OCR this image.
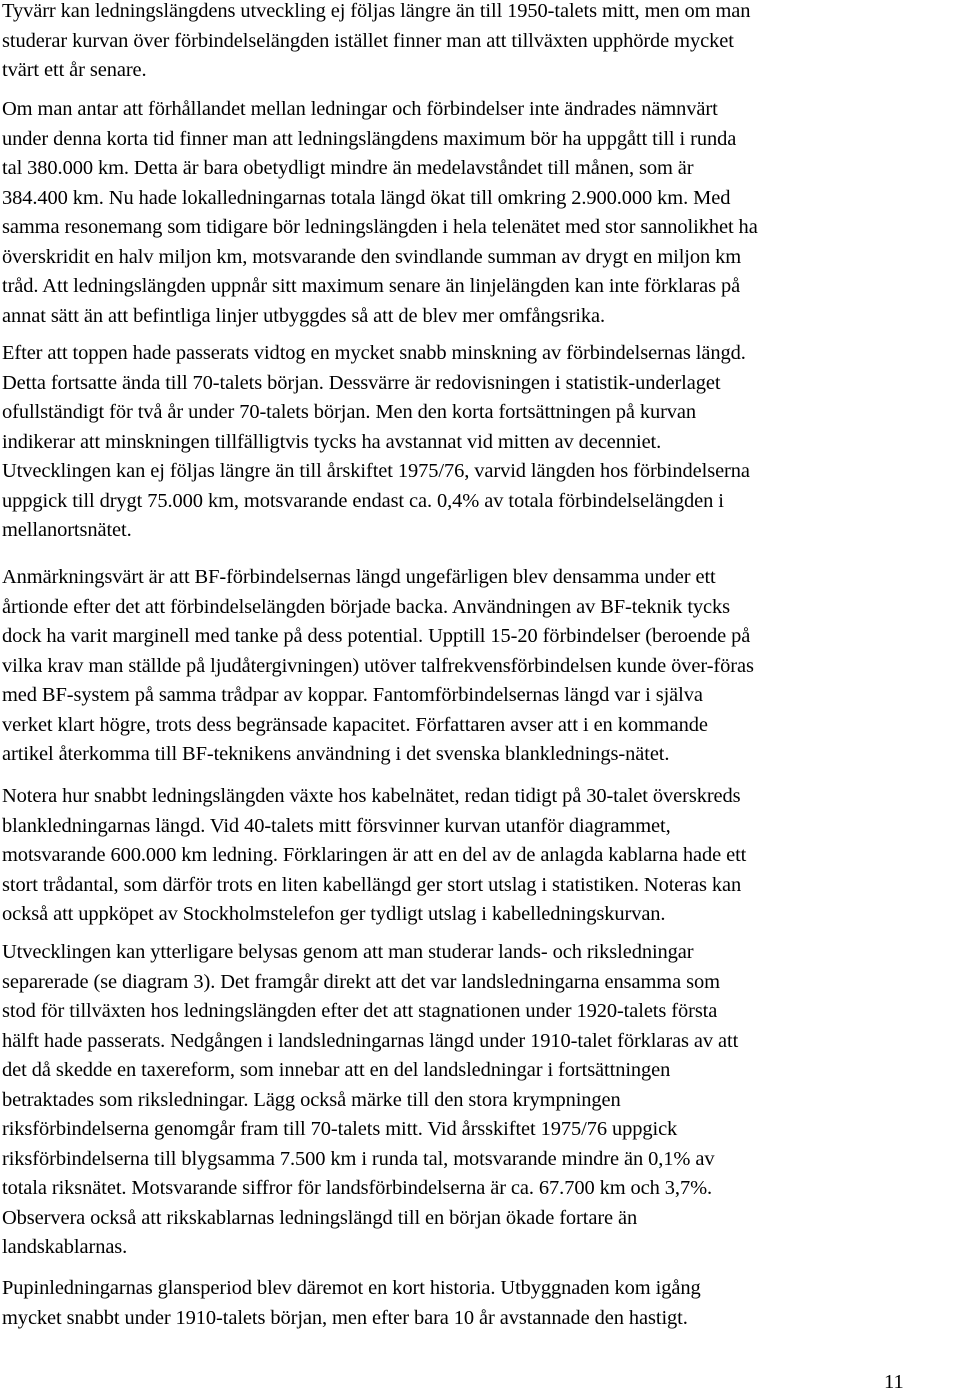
Tyvärr kan ledningslängdens utveckling ej följas längre än till 1950-talets mitt, men om man
studerar kurvan över förbindelselängden istället finner man att tillväxten upphörde mycket
tvärt ett år senare.
Om man antar att förhållandet mellan ledningar och förbindelser inte ändrades nämnvärt
under denna korta tid finner man att ledningslängdens maximum bör ha uppgått till i runda
tal 380.000 km. Detta är bara obetydligt mindre än medelavståndet till månen, som är
384.400 km. Nu hade lokalledningarnas totala längd ökat till omkring 2.900.000 km. Med
samma resonemang som tidigare bör ledningslängden i hela telenätet med stor sannolikhet ha
överskridit en halv miljon km, motsvarande den svindlande summan av drygt en miljon km
tråd. Att ledningslängden uppnår sitt maximum senare än linjelängden kan inte förklaras på
annat sätt än att befintliga linjer utbyggdes så att de blev mer omfångsrika.
Efter att toppen hade passerats vidtog en mycket snabb minskning av förbindelsernas längd.
Detta fortsatte ända till 70-talets början. Dessvärre är redovisningen i statistik-underlaget
ofullständigt för två år under 70-talets början. Men den korta fortsättningen på kurvan
indikerar att minskningen tillfälligtvis tycks ha avstannat vid mitten av decenniet.
Utvecklingen kan ej följas längre än till årskiftet 1975/76, varvid längden hos förbindelserna
uppgick till drygt 75.000 km, motsvarande endast ca. 0,4% av totala förbindelselängden i
mellanortsnätet.
Anmärkningsvärt är att BF-förbindelsernas längd ungefärligen blev densamma under ett
årtionde efter det att förbindelselängden började backa. Användningen av BF-teknik tycks
dock ha varit marginell med tanke på dess potential. Upptill 15-20 förbindelser (beroende på
vilka krav man ställde på ljudåtergivningen) utöver talfrekvensförbindelsen kunde över-föras
med BF-system på samma trådpar av koppar. Fantomförbindelsernas längd var i själva
verket klart högre, trots dess begränsade kapacitet. Författaren avser att i en kommande
artikel återkomma till BF-teknikens användning i det svenska blanklednings-nätet.
Notera hur snabbt ledningslängden växte hos kabelnätet, redan tidigt på 30-talet överskreds
blankledningarnas längd. Vid 40-talets mitt försvinner kurvan utanför diagrammet,
motsvarande 600.000 km ledning. Förklaringen är att en del av de anlagda kablarna hade ett
stort trådantal, som därför trots en liten kabellängd ger stort utslag i statistiken. Noteras kan
också att uppköpet av Stockholmstelefon ger tydligt utslag i kabelledningskurvan.
Utvecklingen kan ytterligare belysas genom att man studerar lands- och riksledningar
separerade (se diagram 3). Det framgår direkt att det var landsledningarna ensamma som
stod för tillväxten hos ledningslängden efter det att stagnationen under 1920-talets första
hälft hade passerats. Nedgången i landsledningarnas längd under 1910-talet förklaras av att
det då skedde en taxereform, som innebar att en del landsledningar i fortsättningen
betraktades som riksledningar. Lägg också märke till den stora krympningen
riksförbindelserna genomgår fram till 70-talets mitt. Vid årsskiftet 1975/76 uppgick
riksförbindelserna till blygsamma 7.500 km i runda tal, motsvarande mindre än 0,1% av
totala riksnätet. Motsvarande siffror för landsförbindelserna är ca. 67.700 km och 3,7%.
Observera också att rikskablarnas ledningslängd till en början ökade fortare än
landskablarnas.
Pupinledningarnas glansperiod blev däremot en kort historia. Utbyggnaden kom igång
mycket snabbt under 1910-talets början, men efter bara 10 år avstannade den hastigt.
11
